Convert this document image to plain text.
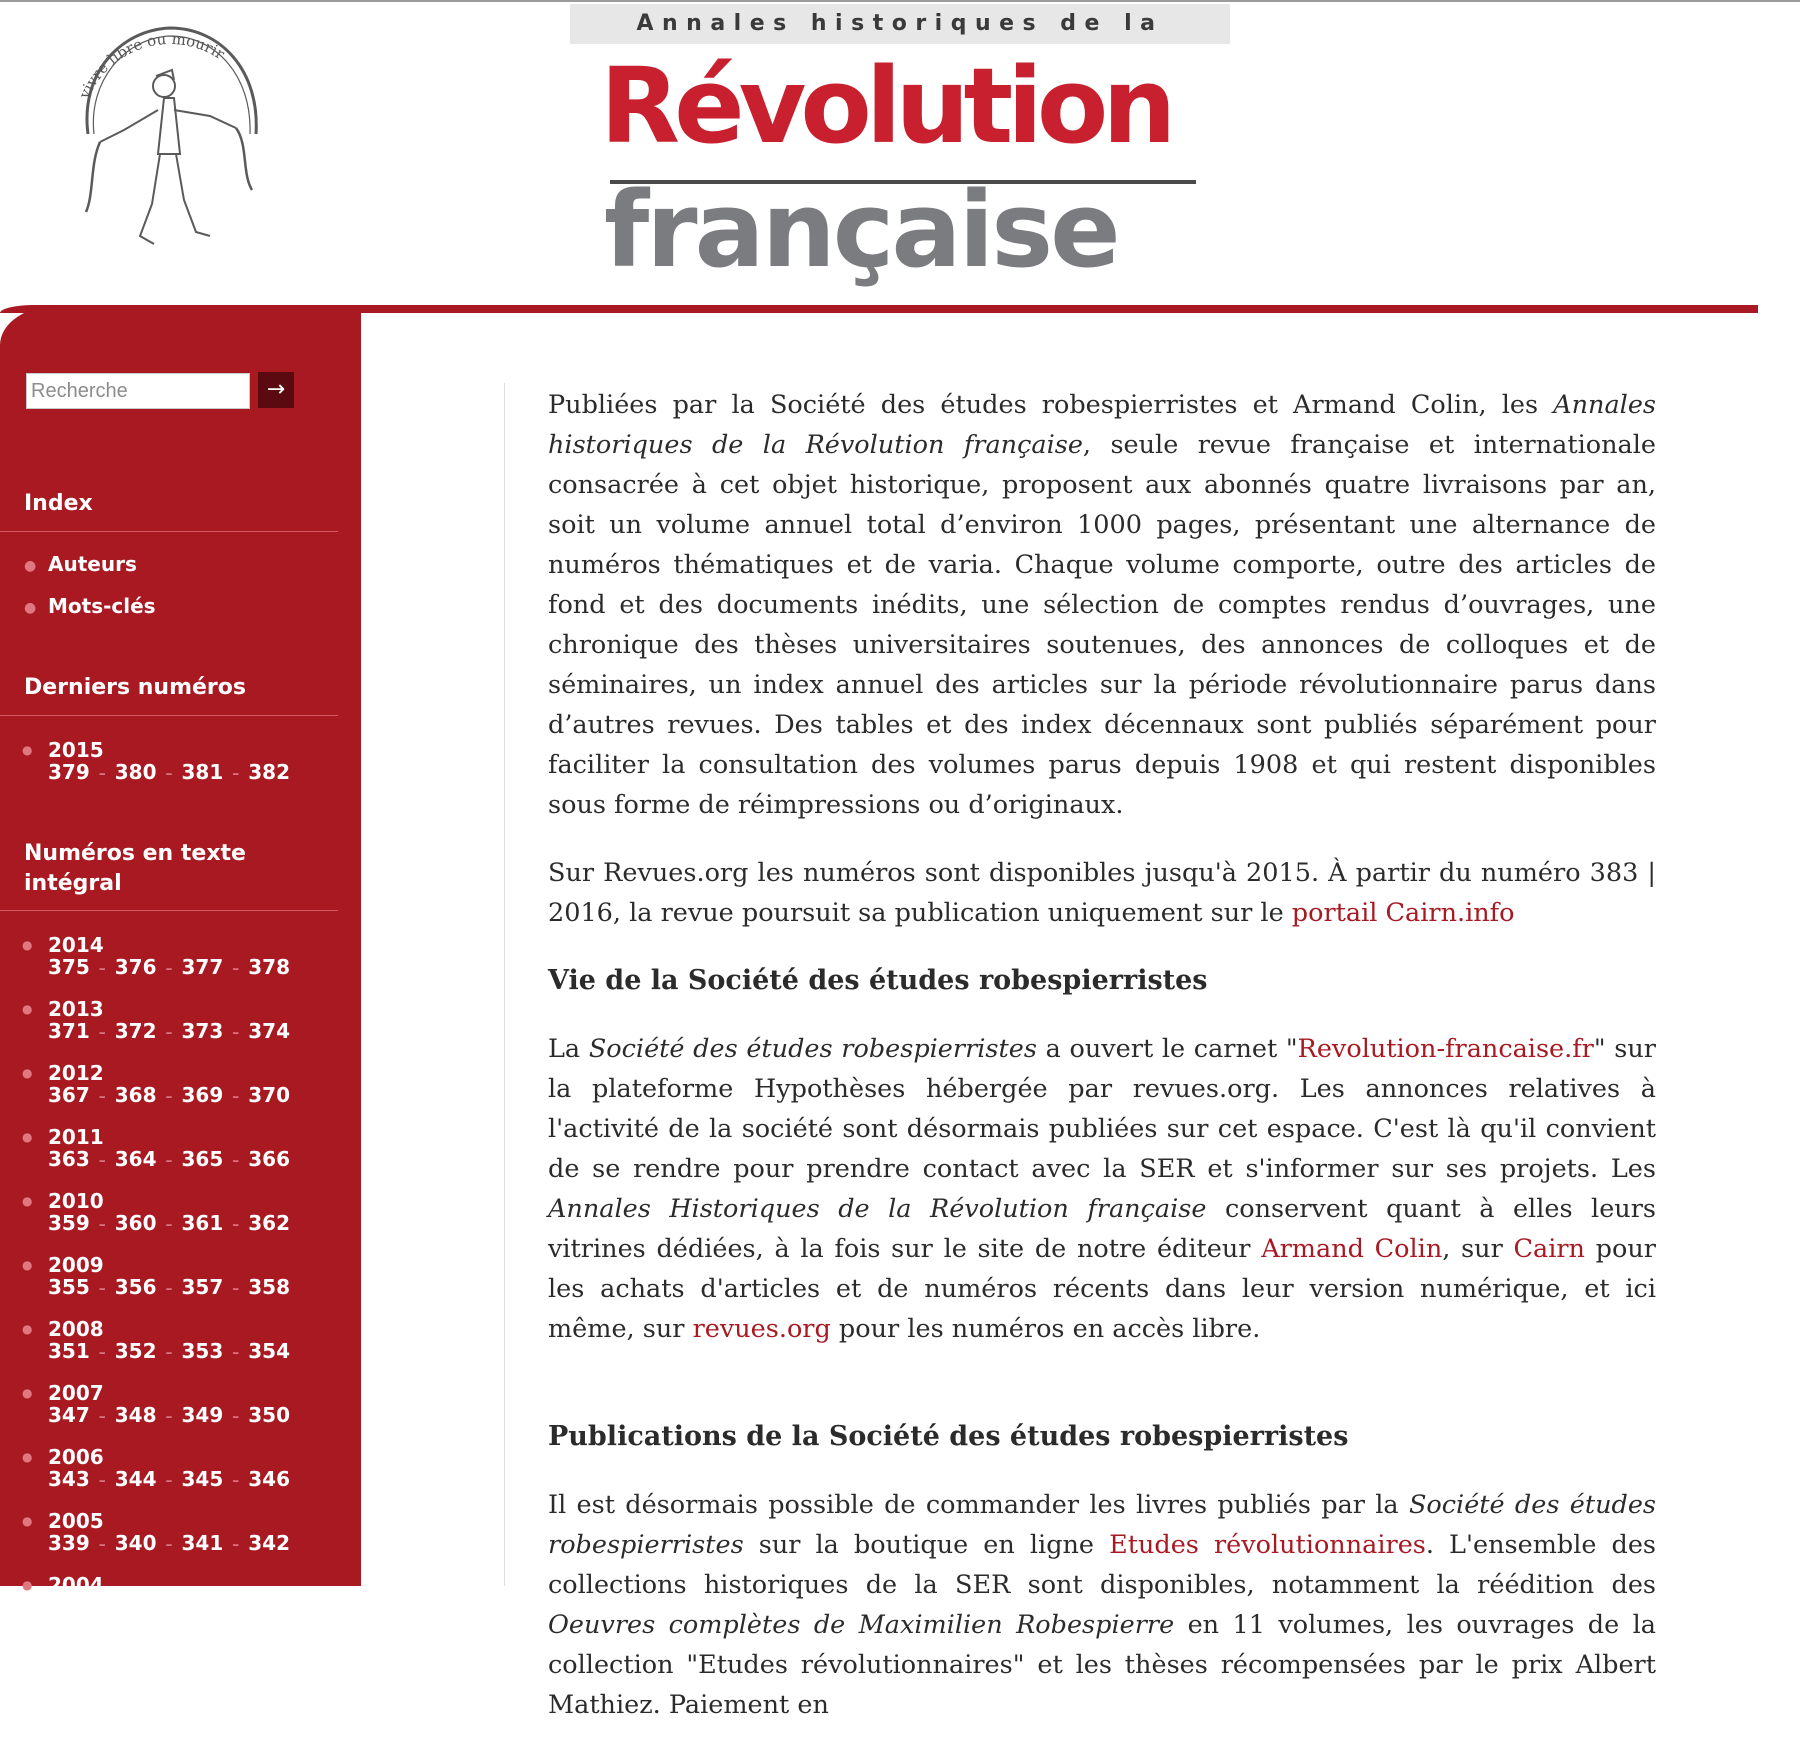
vivre libre ou mourir
Annales historiques de la
Révolution
française
Recherche
→
Index
● Auteurs
● Mots-clés
Derniers numéros
● 2015
379 – 380 – 381 – 382
Numéros en texte
intégral
● 2014
375 – 376 – 377 – 378
● 2013
371 – 372 – 373 – 374
● 2012
367 – 368 – 369 – 370
● 2011
363 – 364 – 365 – 366
● 2010
359 – 360 – 361 – 362
● 2009
355 – 356 – 357 – 358
● 2008
351 – 352 – 353 – 354
● 2007
347 – 348 – 349 – 350
● 2006
343 – 344 – 345 – 346
● 2005
339 – 340 – 341 – 342
● 2004

Publiées par la Société des études robespierristes et Armand Colin, les Annales historiques de la Révolution française, seule revue française et internationale consacrée à cet objet historique, proposent aux abonnés quatre livraisons par an, soit un volume annuel total d’environ 1000 pages, présentant une alternance de numéros thématiques et de varia. Chaque volume comporte, outre des articles de fond et des documents inédits, une sélection de comptes rendus d’ouvrages, une chronique des thèses universitaires soutenues, des annonces de colloques et de séminaires, un index annuel des articles sur la période révolutionnaire parus dans d’autres revues. Des tables et des index décennaux sont publiés séparément pour faciliter la consultation des volumes parus depuis 1908 et qui restent disponibles sous forme de réimpressions ou d’originaux.

Sur Revues.org les numéros sont disponibles jusqu'à 2015. À partir du numéro 383 | 2016, la revue poursuit sa publication uniquement sur le portail Cairn.info

Vie de la Société des études robespierristes

La Société des études robespierristes a ouvert le carnet "Revolution-francaise.fr" sur la plateforme Hypothèses hébergée par revues.org. Les annonces relatives à l'activité de la société sont désormais publiées sur cet espace. C'est là qu'il convient de se rendre pour prendre contact avec la SER et s'informer sur ses projets. Les Annales Historiques de la Révolution française conservent quant à elles leurs vitrines dédiées, à la fois sur le site de notre éditeur Armand Colin, sur Cairn pour les achats d'articles et de numéros récents dans leur version numérique, et ici même, sur revues.org pour les numéros en accès libre.

Publications de la Société des études robespierristes

Il est désormais possible de commander les livres publiés par la Société des études robespierristes sur la boutique en ligne Etudes révolutionnaires. L'ensemble des collections historiques de la SER sont disponibles, notamment la réédition des Oeuvres complètes de Maximilien Robespierre en 11 volumes, les ouvrages de la collection "Etudes révolutionnaires" et les thèses récompensées par le prix Albert Mathiez. Paiement en
